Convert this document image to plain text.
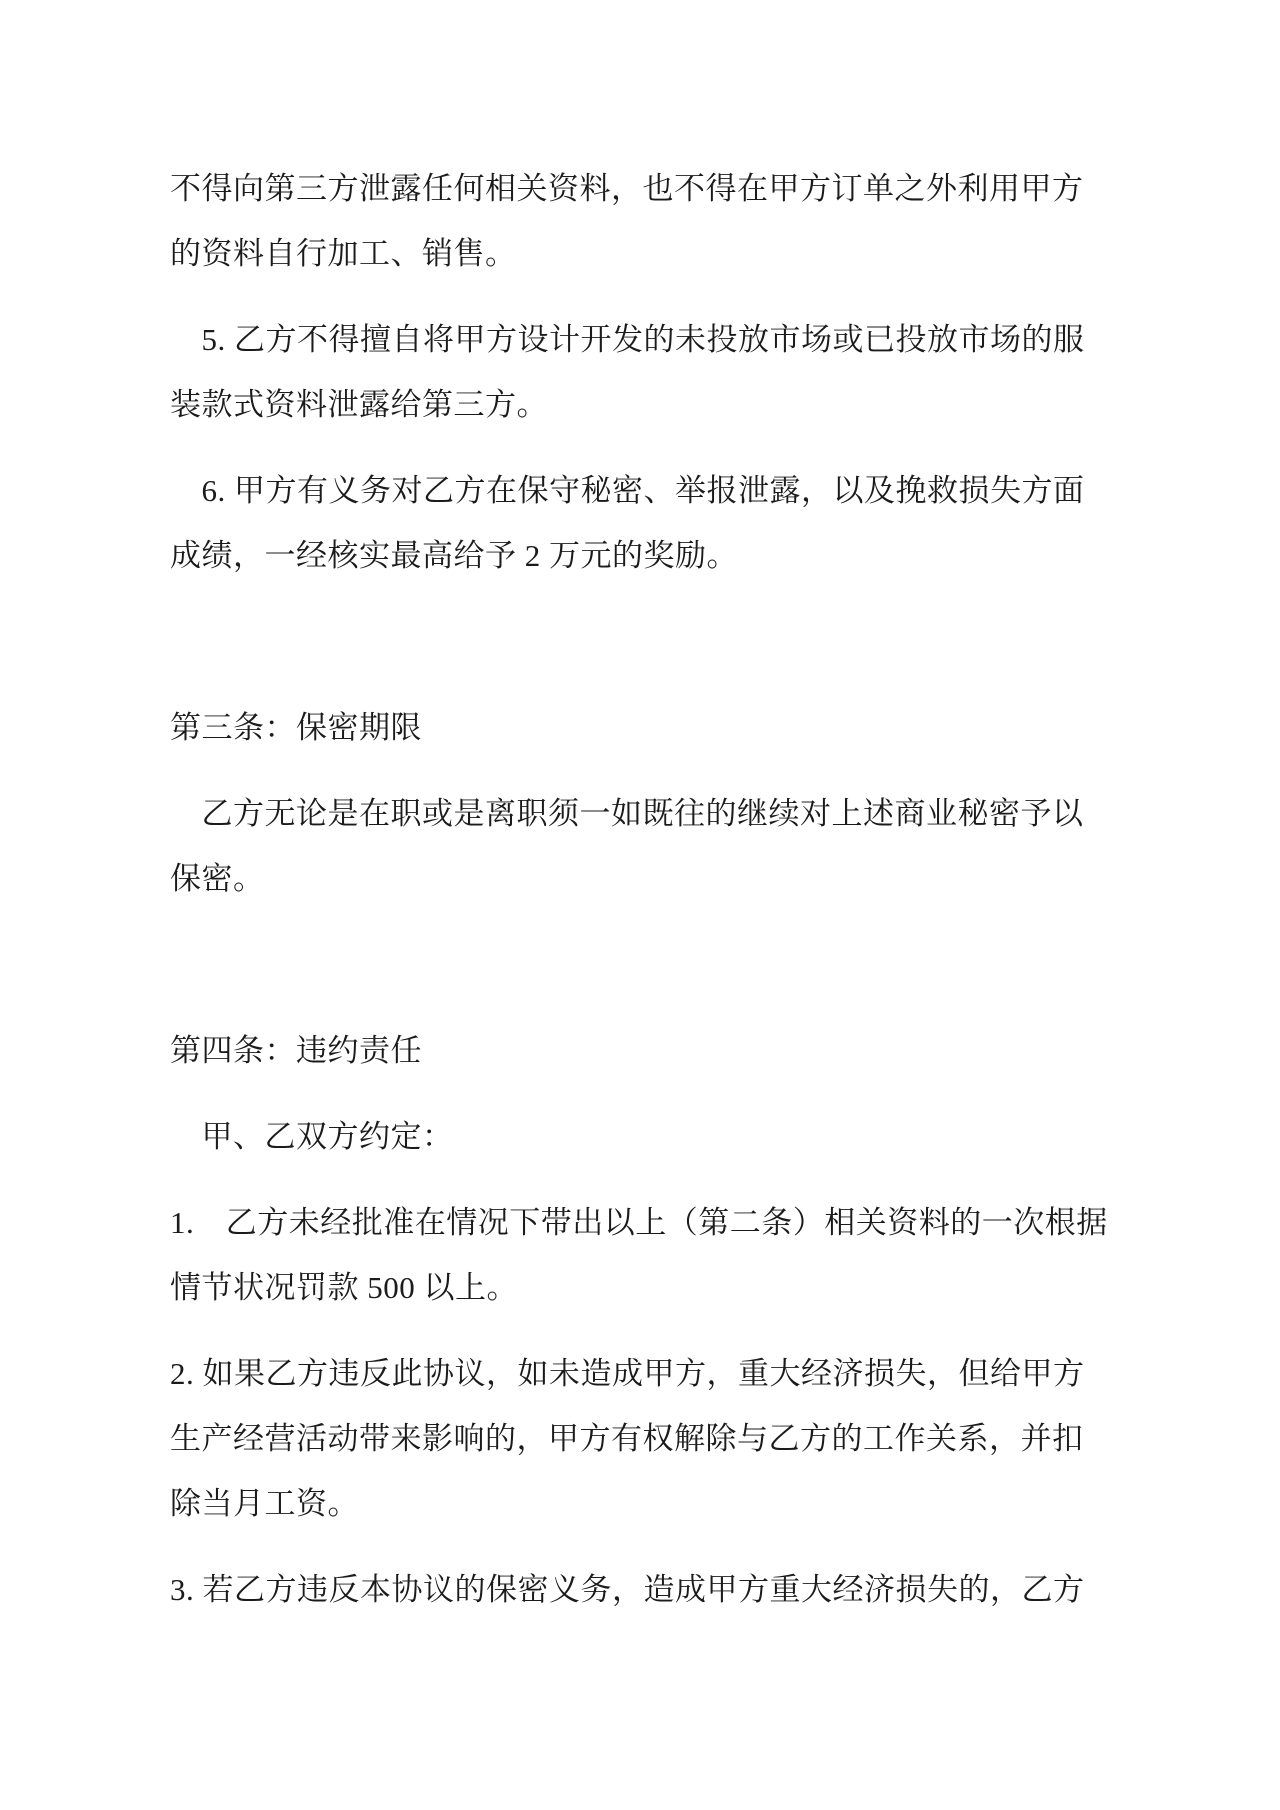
不得向第三方泄露任何相关资料，也不得在甲方订单之外利用甲方的资料自行加工、销售。

　5. 乙方不得擅自将甲方设计开发的未投放市场或已投放市场的服装款式资料泄露给第三方。

　6. 甲方有义务对乙方在保守秘密、举报泄露，以及挽救损失方面成绩，一经核实最高给予 2 万元的奖励。

第三条：保密期限

　乙方无论是在职或是离职须一如既往的继续对上述商业秘密予以保密。

第四条：违约责任

　甲、乙双方约定：

1.　乙方未经批准在情况下带出以上（第二条）相关资料的一次根据情节状况罚款 500 以上。

2. 如果乙方违反此协议，如未造成甲方，重大经济损失，但给甲方生产经营活动带来影响的，甲方有权解除与乙方的工作关系，并扣除当月工资。

3. 若乙方违反本协议的保密义务，造成甲方重大经济损失的，乙方
